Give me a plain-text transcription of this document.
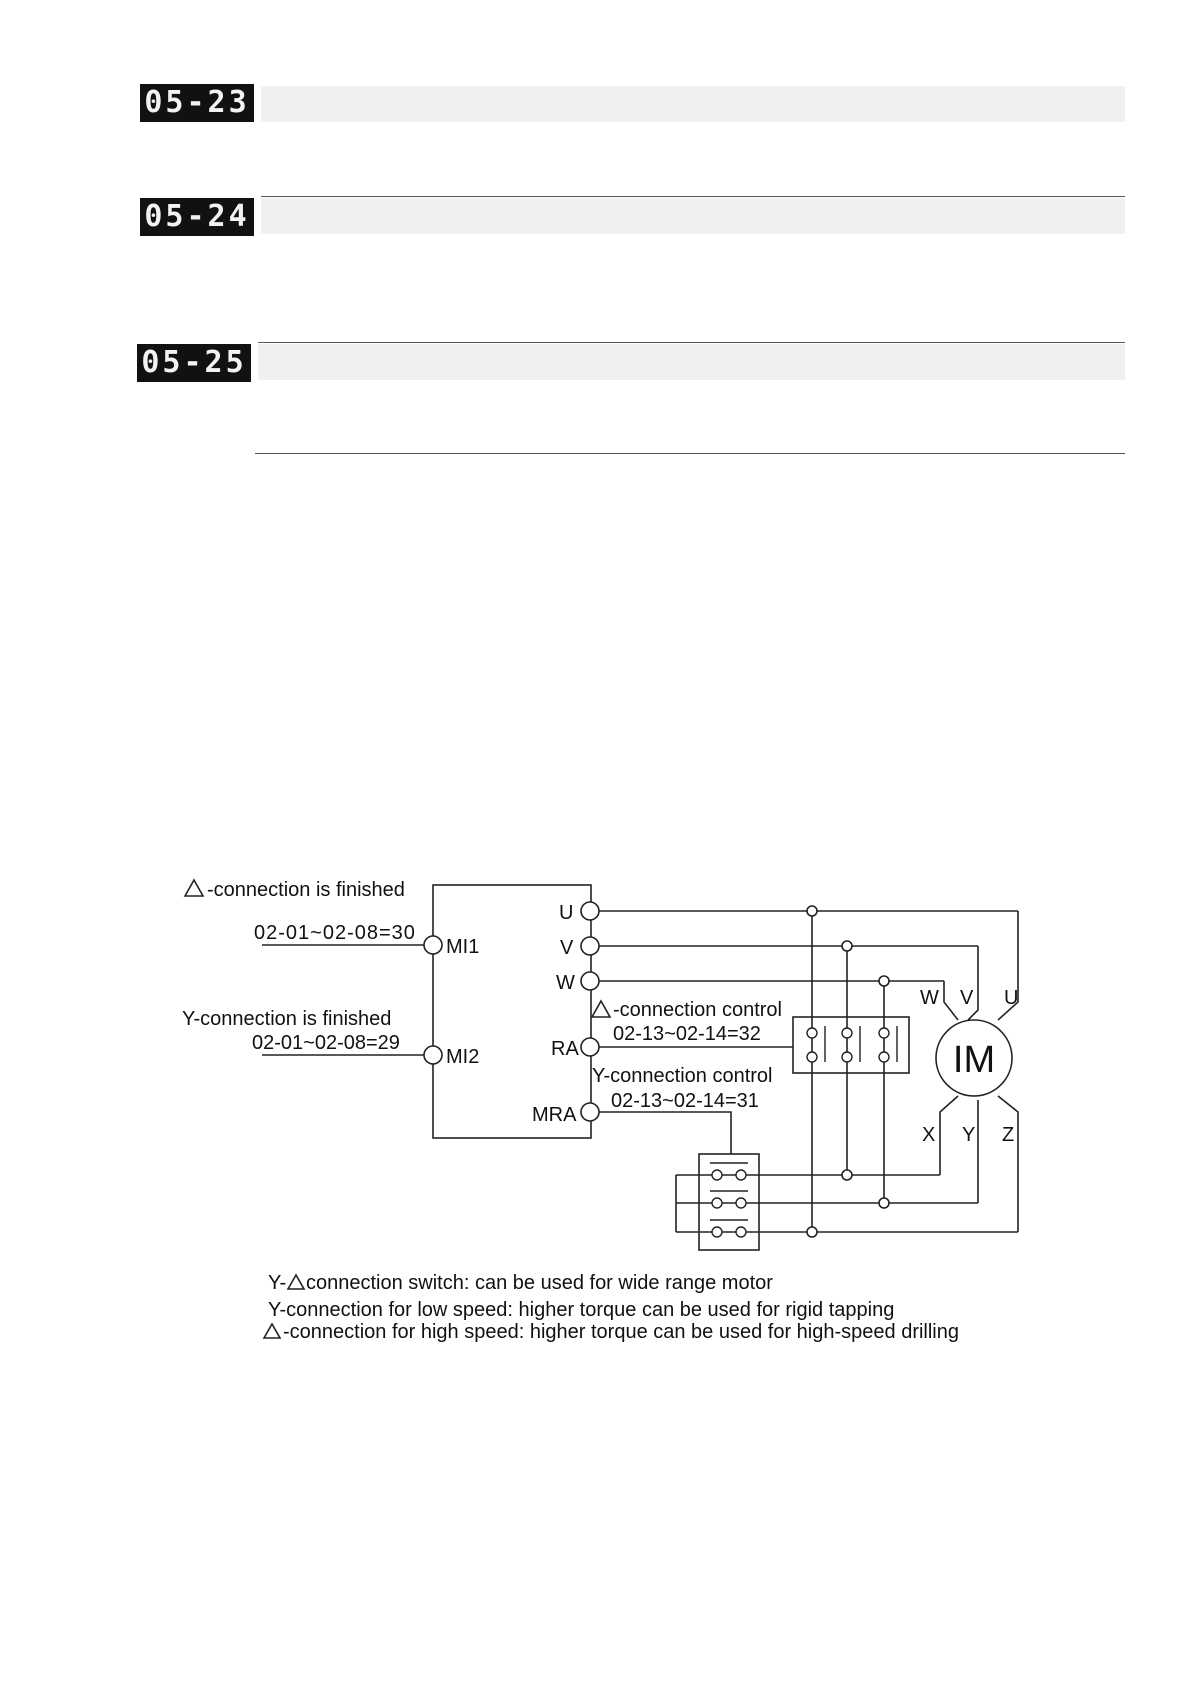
05-23
05-24
05-25
-connection is finished
02-01~02-08=30
MI1
Y-connection is finished
02-01~02-08=29
MI2
U
V
W
RA
MRA
-connection control
02-13~02-14=32
Y-connection control
02-13~02-14=31
IM
W V U
X Y Z
Y- connection switch: can be used for wide range motor
Y-connection for low speed: higher torque can be used for rigid tapping
-connection for high speed: higher torque can be used for high-speed drilling
